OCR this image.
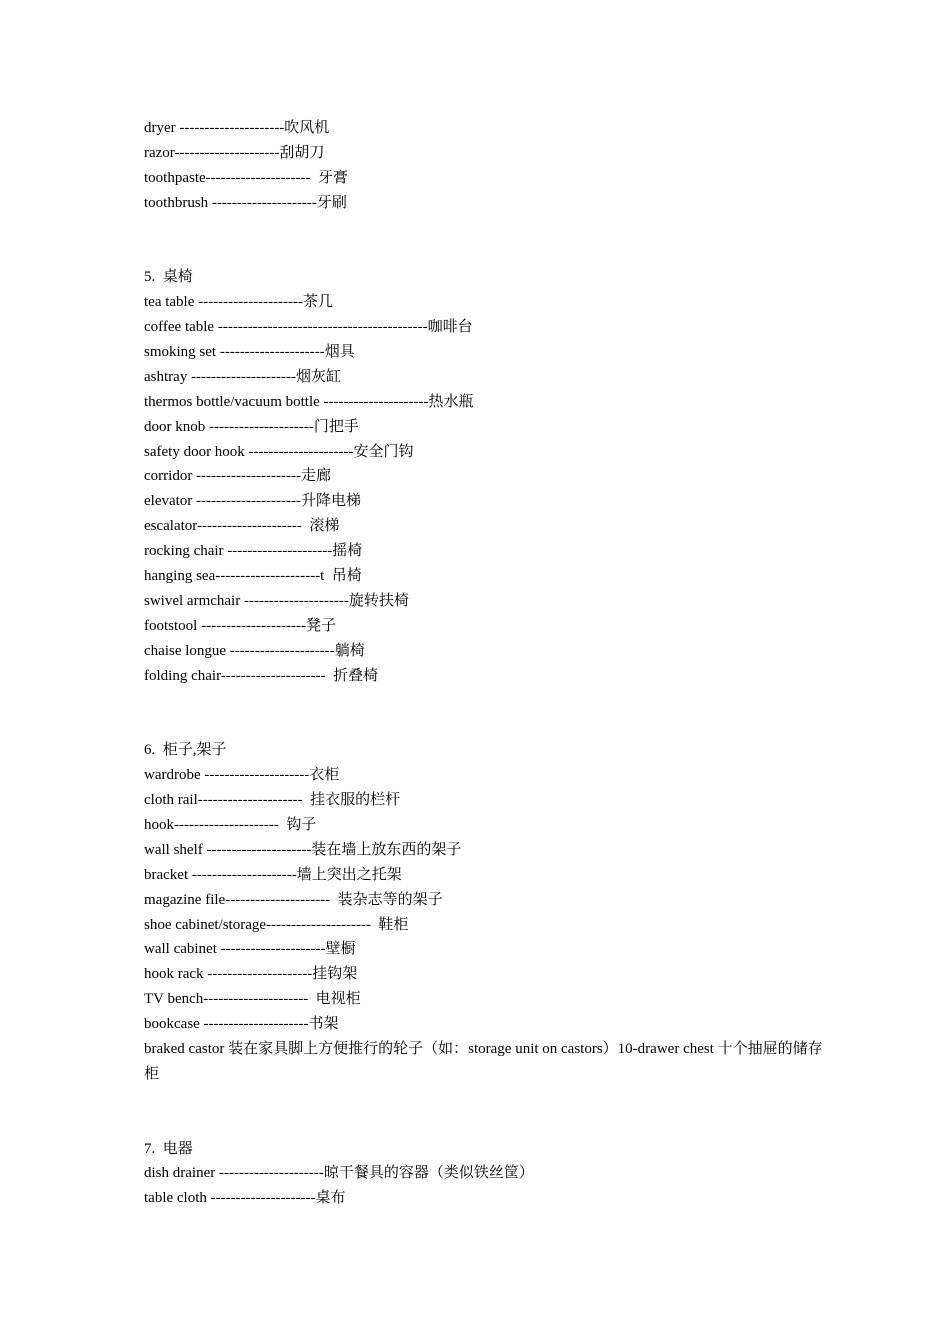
dryer ---------------------吹风机
razor---------------------刮胡刀
toothpaste---------------------  牙膏
toothbrush ---------------------牙刷
5.  桌椅
tea table ---------------------茶几
coffee table ------------------------------------------咖啡台
smoking set ---------------------烟具
ashtray ---------------------烟灰缸
thermos bottle/vacuum bottle ---------------------热水瓶
door knob ---------------------门把手
safety door hook ---------------------安全门钩
corridor ---------------------走廊
elevator ---------------------升降电梯
escalator---------------------  滚梯
rocking chair ---------------------摇椅
hanging sea---------------------t  吊椅
swivel armchair ---------------------旋转扶椅
footstool ---------------------凳子
chaise longue ---------------------躺椅
folding chair---------------------  折叠椅
6.  柜子,架子
wardrobe ---------------------衣柜
cloth rail---------------------  挂衣服的栏杆
hook---------------------  钩子
wall shelf ---------------------装在墙上放东西的架子
bracket ---------------------墙上突出之托架
magazine file---------------------  装杂志等的架子
shoe cabinet/storage---------------------  鞋柜
wall cabinet ---------------------壁橱
hook rack ---------------------挂钩架
TV bench---------------------  电视柜
bookcase ---------------------书架
braked castor 装在家具脚上方便推行的轮子（如：storage unit on castors）10-drawer chest 十个抽屉的储存柜
7.  电器
dish drainer ---------------------晾干餐具的容器（类似铁丝筐）
table cloth ---------------------桌布
